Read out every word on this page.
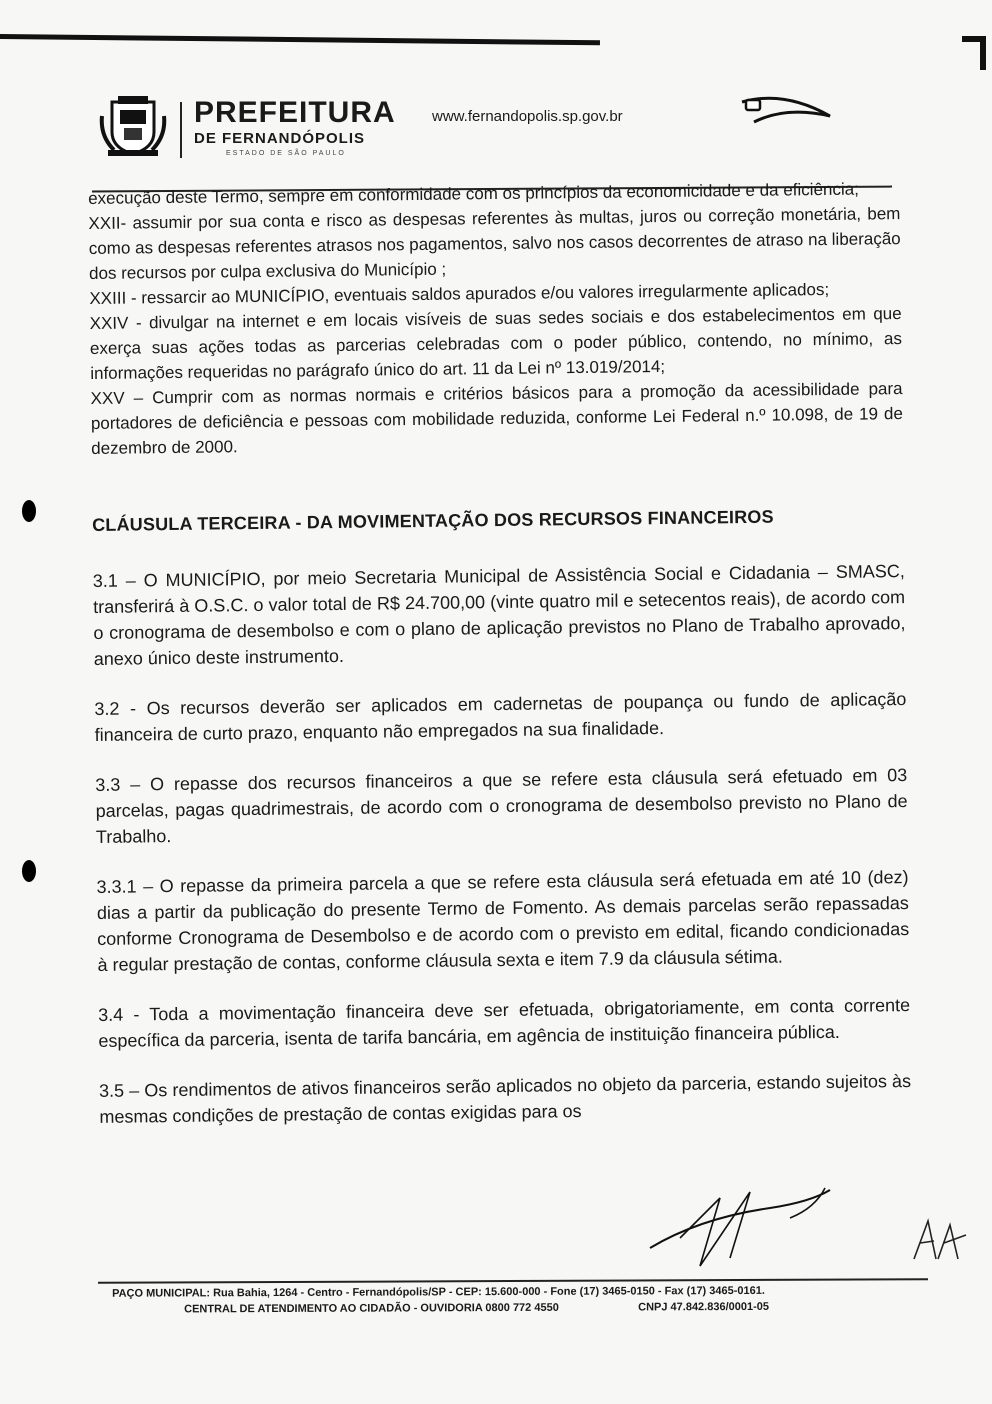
PREFEITURA
DE FERNANDÓPOLIS
ESTADO DE SÃO PAULO
www.fernandopolis.sp.gov.br

execução deste Termo, sempre em conformidade com os princípios da economicidade e da eficiência;

XXII- assumir por sua conta e risco as despesas referentes às multas, juros ou correção monetária, bem como as despesas referentes atrasos nos pagamentos, salvo nos casos decorrentes de atraso na liberação dos recursos por culpa exclusiva do Município ;

XXIII - ressarcir ao MUNICÍPIO, eventuais saldos apurados e/ou valores irregularmente aplicados;

XXIV - divulgar na internet e em locais visíveis de suas sedes sociais e dos estabelecimentos em que exerça suas ações todas as parcerias celebradas com o poder público, contendo, no mínimo, as informações requeridas no parágrafo único do art. 11 da Lei nº 13.019/2014;

XXV – Cumprir com as normas normais e critérios básicos para a promoção da acessibilidade para portadores de deficiência e pessoas com mobilidade reduzida, conforme Lei Federal n.º 10.098, de 19 de dezembro de 2000.

CLÁUSULA TERCEIRA - DA MOVIMENTAÇÃO DOS RECURSOS FINANCEIROS

3.1 – O MUNICÍPIO, por meio Secretaria Municipal de Assistência Social e Cidadania – SMASC, transferirá à O.S.C. o valor total de R$ 24.700,00 (vinte quatro mil e setecentos reais), de acordo com o cronograma de desembolso e com o plano de aplicação previstos no Plano de Trabalho aprovado, anexo único deste instrumento.

3.2 - Os recursos deverão ser aplicados em cadernetas de poupança ou fundo de aplicação financeira de curto prazo, enquanto não empregados na sua finalidade.

3.3 – O repasse dos recursos financeiros a que se refere esta cláusula será efetuado em 03 parcelas, pagas quadrimestrais, de acordo com o cronograma de desembolso previsto no Plano de Trabalho.

3.3.1 – O repasse da primeira parcela a que se refere esta cláusula será efetuada em até 10 (dez) dias a partir da publicação do presente Termo de Fomento. As demais parcelas serão repassadas conforme Cronograma de Desembolso e de acordo com o previsto em edital, ficando condicionadas à regular prestação de contas, conforme cláusula sexta e item 7.9 da cláusula sétima.

3.4 - Toda a movimentação financeira deve ser efetuada, obrigatoriamente, em conta corrente específica da parceria, isenta de tarifa bancária, em agência de instituição financeira pública.

3.5 – Os rendimentos de ativos financeiros serão aplicados no objeto da parceria, estando sujeitos às mesmas condições de prestação de contas exigidas para os

PAÇO MUNICIPAL: Rua Bahia, 1264 - Centro - Fernandópolis/SP - CEP: 15.600-000 - Fone (17) 3465-0150 - Fax (17) 3465-0161.
CENTRAL DE ATENDIMENTO AO CIDADÃO - OUVIDORIA 0800 772 4550	CNPJ 47.842.836/0001-05
